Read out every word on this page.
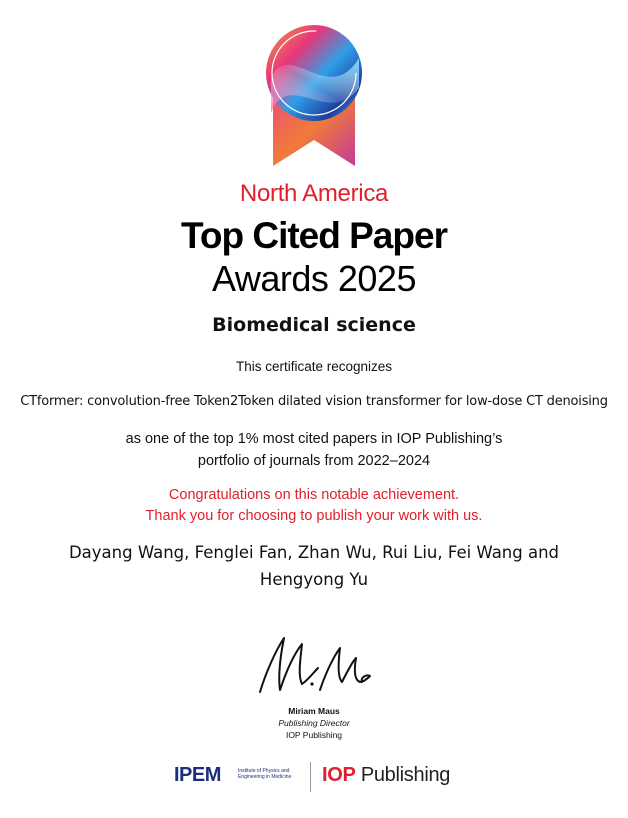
North America
Top Cited Paper
Awards 2025
Biomedical science
This certificate recognizes
CTformer: convolution-free Token2Token dilated vision transformer for low-dose CT denoising
as one of the top 1% most cited papers in IOP Publishing’s
portfolio of journals from 2022–2024
Congratulations on this notable achievement.
Thank you for choosing to publish your work with us.
Dayang Wang, Fenglei Fan, Zhan Wu, Rui Liu, Fei Wang and
Hengyong Yu
Miriam Maus
Publishing Director
IOP Publishing
IPEM	Institute of Physics and
Engineering in Medicine IOP Publishing
